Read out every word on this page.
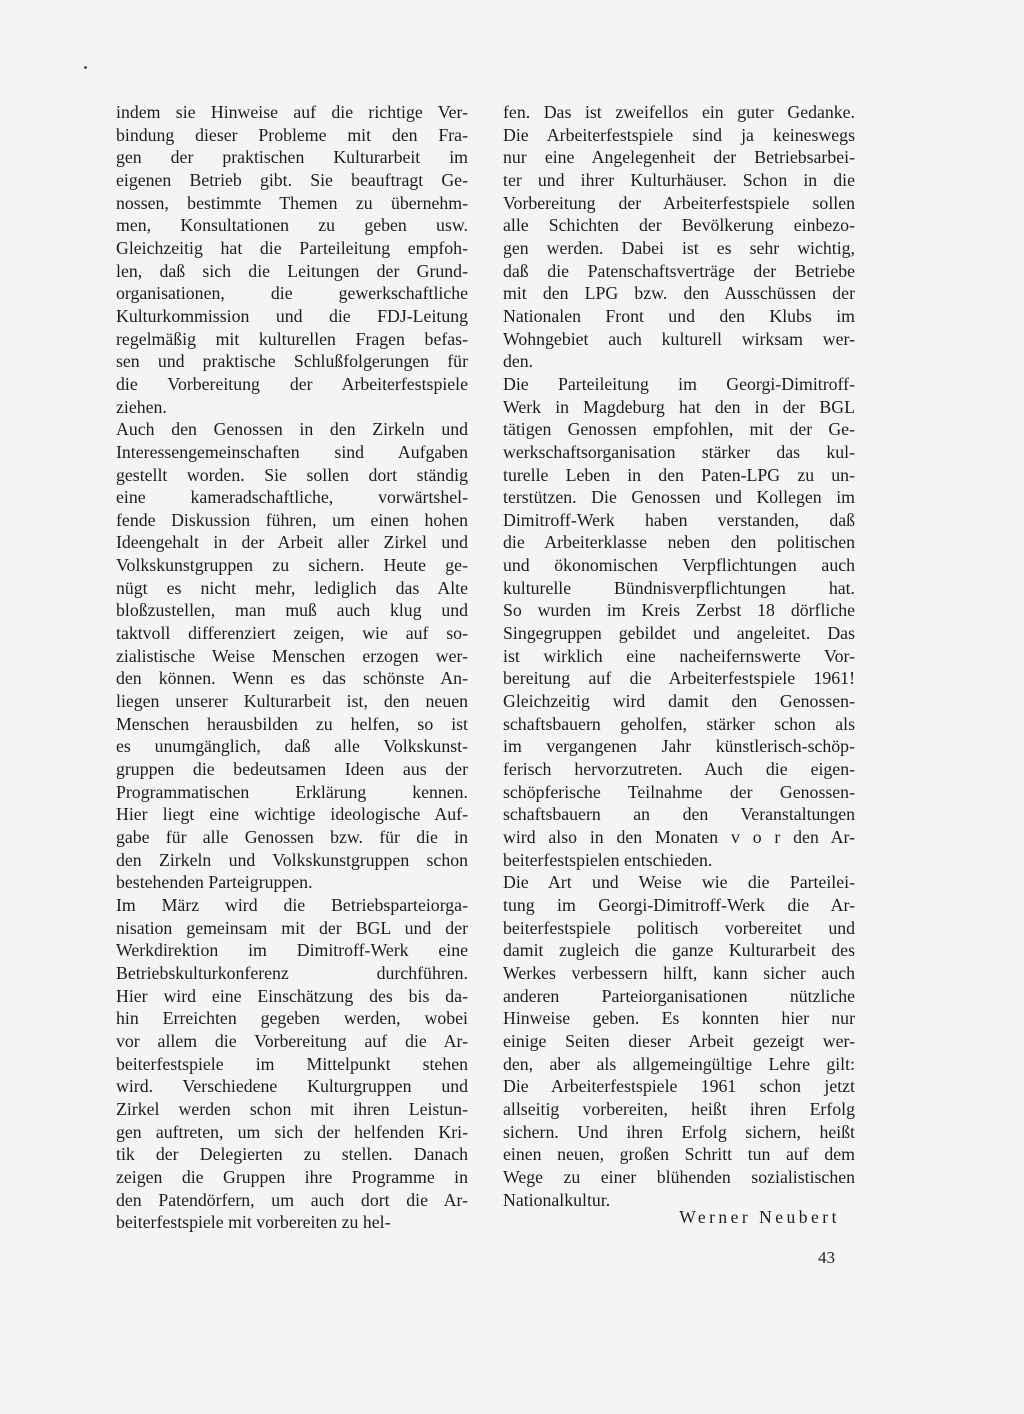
indem sie Hinweise auf die richtige Ver-
bindung dieser Probleme mit den Fra-
gen der praktischen Kulturarbeit im
eigenen Betrieb gibt. Sie beauftragt Ge-
nossen, bestimmte Themen zu übernehm-
men, Konsultationen zu geben usw.
Gleichzeitig hat die Parteileitung empfoh-
len, daß sich die Leitungen der Grund-
organisationen, die gewerkschaftliche
Kulturkommission und die FDJ-Leitung
regelmäßig mit kulturellen Fragen befas-
sen und praktische Schlußfolgerungen für
die Vorbereitung der Arbeiterfestspiele
ziehen.

Auch den Genossen in den Zirkeln und
Interessengemeinschaften sind Aufgaben
gestellt worden. Sie sollen dort ständig
eine kameradschaftliche, vorwärtshel-
fende Diskussion führen, um einen hohen
Ideengehalt in der Arbeit aller Zirkel und
Volkskunstgruppen zu sichern. Heute ge-
nügt es nicht mehr, lediglich das Alte
bloßzustellen, man muß auch klug und
taktvoll differenziert zeigen, wie auf so-
zialistische Weise Menschen erzogen wer-
den können. Wenn es das schönste An-
liegen unserer Kulturarbeit ist, den neuen
Menschen herausbilden zu helfen, so ist
es unumgänglich, daß alle Volkskunst-
gruppen die bedeutsamen Ideen aus der
Programmatischen Erklärung kennen.
Hier liegt eine wichtige ideologische Auf-
gabe für alle Genossen bzw. für die in
den Zirkeln und Volkskunstgruppen schon
bestehenden Parteigruppen.

Im März wird die Betriebsparteiorga-
nisation gemeinsam mit der BGL und der
Werkdirektion im Dimitroff-Werk eine
Betriebskulturkonferenz durchführen.
Hier wird eine Einschätzung des bis da-
hin Erreichten gegeben werden, wobei
vor allem die Vorbereitung auf die Ar-
beiterfestspiele im Mittelpunkt stehen
wird. Verschiedene Kulturgruppen und
Zirkel werden schon mit ihren Leistun-
gen auftreten, um sich der helfenden Kri-
tik der Delegierten zu stellen. Danach
zeigen die Gruppen ihre Programme in
den Patendörfern, um auch dort die Ar-
beiterfestspiele mit vorbereiten zu hel-

fen. Das ist zweifellos ein guter Gedanke.
Die Arbeiterfestspiele sind ja keineswegs
nur eine Angelegenheit der Betriebsarbei-
ter und ihrer Kulturhäuser. Schon in die
Vorbereitung der Arbeiterfestspiele sollen
alle Schichten der Bevölkerung einbezo-
gen werden. Dabei ist es sehr wichtig,
daß die Patenschaftsverträge der Betriebe
mit den LPG bzw. den Ausschüssen der
Nationalen Front und den Klubs im
Wohngebiet auch kulturell wirksam wer-
den.

Die Parteileitung im Georgi-Dimitroff-
Werk in Magdeburg hat den in der BGL
tätigen Genossen empfohlen, mit der Ge-
werkschaftsorganisation stärker das kul-
turelle Leben in den Paten-LPG zu un-
terstützen. Die Genossen und Kollegen im
Dimitroff-Werk haben verstanden, daß
die Arbeiterklasse neben den politischen
und ökonomischen Verpflichtungen auch
kulturelle Bündnisverpflichtungen hat.
So wurden im Kreis Zerbst 18 dörfliche
Singegruppen gebildet und angeleitet. Das
ist wirklich eine nacheifernswerte Vor-
bereitung auf die Arbeiterfestspiele 1961!
Gleichzeitig wird damit den Genossen-
schaftsbauern geholfen, stärker schon als
im vergangenen Jahr künstlerisch-schöp-
ferisch hervorzutreten. Auch die eigen-
schöpferische Teilnahme der Genossen-
schaftsbauern an den Veranstaltungen
wird also in den Monaten v o r den Ar-
beiterfestspielen entschieden.

Die Art und Weise wie die Parteilei-
tung im Georgi-Dimitroff-Werk die Ar-
beiterfestspiele politisch vorbereitet und
damit zugleich die ganze Kulturarbeit des
Werkes verbessern hilft, kann sicher auch
anderen Parteiorganisationen nützliche
Hinweise geben. Es konnten hier nur
einige Seiten dieser Arbeit gezeigt wer-
den, aber als allgemeingültige Lehre gilt:
Die Arbeiterfestspiele 1961 schon jetzt
allseitig vorbereiten, heißt ihren Erfolg
sichern. Und ihren Erfolg sichern, heißt
einen neuen, großen Schritt tun auf dem
Wege zu einer blühenden sozialistischen
Nationalkultur.

Werner Neubert
43
